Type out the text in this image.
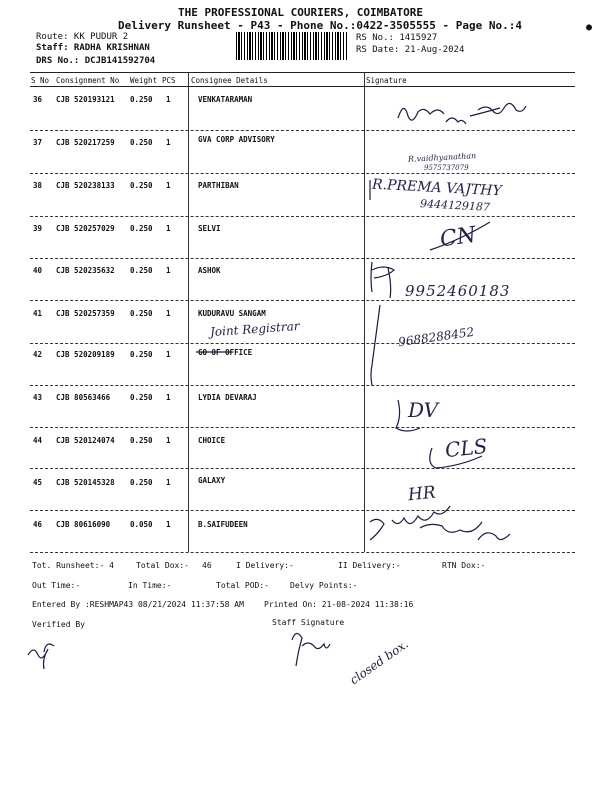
THE PROFESSIONAL COURIERS, COIMBATORE
Delivery Runsheet - P43 - Phone No.:0422-3505555 - Page No.:4	●
Route: KK PUDUR 2
Staff: RADHA KRISHNAN
DRS No.: DCJB141592704
RS No.: 1415927
RS Date: 21-Aug-2024
S No Consignment No Weight PCS Consignee Details	Signature
36 CJB 520193121 0.250 1	VENKATARAMAN
37 CJB 520217259 0.250 1	GVA CORP ADVISORY
38 CJB 520238133 0.250 1	PARTHIBAN
39 CJB 520257029 0.250 1	SELVI
40 CJB 520235632 0.250 1	ASHOK
41 CJB 520257359 0.250 1	KUDURAVU SANGAM
42 CJB 520209189 0.250 1	GO OF OFFICE
43 CJB 80563466	0.250 1	LYDIA DEVARAJ
44 CJB 520124074 0.250 1	CHOICE
45 CJB 520145328 0.250 1	GALAXY
46 CJB 80616090	0.050 1	B.SAIFUDEEN
R.vaidhyanathan
9575737079
R.PREMA VAJTHY
9444129187
CN
9952460183
Joint Registrar	9688288452
DV
CLS
HR
closed box.
Tot. Runsheet:- 4	Total Dox:- 46	I Delivery:-	II Delivery:-	RTN Dox:-
Out Time:-	In Time:-	Total POD:-	Delvy Points:-
Entered By :RESHMAP43 08/21/2024 11:37:58 AM	Printed On: 21-08-2024 11:38:16
Verified By	Staff Signature
